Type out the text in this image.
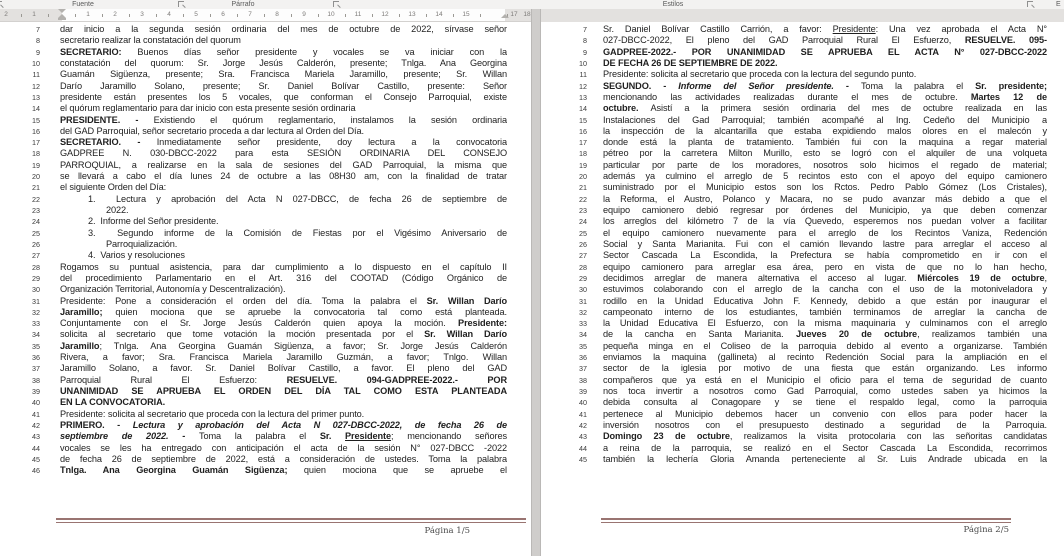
Fuente	Párrafo	Estilos	E
2	1	1	2	3	4	5	6	7	8	9	10	11	12	13	14	15	17 18
7 dar inicio a la segunda sesión ordinaria del mes de octubre de 2022, sírvase señor
8 secretario realizar la constatación del quorum
9 SECRETARIO: Buenos días señor presidente y vocales se va iniciar con la
10 constatación del quorum: Sr. Jorge Jesús Calderón, presente; Tnlga. Ana Georgina
11 Guamán Sigüenza, presente; Sra. Francisca Mariela Jaramillo, presente; Sr. Willan
12 Darío Jaramillo Solano, presente; Sr. Daniel Bolívar Castillo, presente: Señor
13 presidente están presentes los 5 vocales, que conforman el Consejo Parroquial, existe
14 el quórum reglamentario para dar inicio con esta presente sesión ordinaria
15 PRESIDENTE. - Existiendo el quórum reglamentario, instalamos la sesión ordinaria
16 del GAD Parroquial, señor secretario proceda a dar lectura al Orden del Día.
17 SECRETARIO. - Inmediatamente señor presidente, doy lectura a la convocatoria
18 GADPREE N. 030-DBCC-2022 para esta SESIÓN ORDINARIA DEL CONSEJO
19 PARROQUIAL, a realizarse en la sala de sesiones del GAD Parroquial, la misma que
20 se llevará a cabo el día lunes 24 de octubre a las 08H30 am, con la finalidad de tratar
21 el siguiente Orden del Día:
22	1.  Lectura y aprobación del Acta N 027-DBCC, de fecha 26 de septiembre de
23	2022.
24	2.  Informe del Señor presidente.
25	3.  Segundo informe de la Comisión de Fiestas por el Vigésimo Aniversario de
26	Parroquialización.
27	4.  Varios y resoluciones
28 Rogamos su puntual asistencia, para dar cumplimiento a lo dispuesto en el capítulo II
29 del procedimiento Parlamentario en el Art. 316 del COOTAD (Código Orgánico de
30 Organización Territorial, Autonomía y Descentralización).
31 Presidente: Pone a consideración el orden del día. Toma la palabra el Sr. Willan Darío
32 Jaramillo; quien mociona que se apruebe la convocatoria tal como está planteada.
33 Conjuntamente con el Sr. Jorge Jesús Calderón quien apoya la moción. Presidente:
34 solicita al secretario que tome votación la moción presentada por el Sr. Willan Darío
35 Jaramillo; Tnlga. Ana Georgina Guamán Sigüenza, a favor; Sr. Jorge Jesús Calderón
36 Rivera, a favor; Sra. Francisca Mariela Jaramillo Guzmán, a favor; Tnlgo. Willan
37 Jaramillo Solano, a favor. Sr. Daniel Bolívar Castillo, a favor. El pleno del GAD
38 Parroquial Rural El Esfuerzo: RESUELVE. 094-GADPREE-2022.- POR
39 UNANIMIDAD SE APRUEBA EL ORDEN DEL DÍA TAL COMO ESTA PLANTEADA
40 EN LA CONVOCATORIA.
41 Presidente: solicita al secretario que proceda con la lectura del primer punto.
42 PRIMERO. - Lectura y aprobación del Acta N 027-DBCC-2022, de fecha 26 de
43 septiembre de 2022. - Toma la palabra el Sr. Presidente; mencionando señores
44 vocales se les ha entregado con anticipación el acta de la sesión N° 027-DBCC -2022
45 de fecha 26 de septiembre de 2022, está a consideración de ustedes. Toma la palabra
46 Tnlga. Ana Georgina Guamán Sigüenza; quien mociona que se apruebe el
Página 1/5
7 Sr. Daniel Bolívar Castillo Carrión, a favor: Presidente: Una vez aprobada el Acta N°
8 027-DBCC-2022, El pleno del GAD Parroquial Rural El Esfuerzo, RESUELVE. 095-
9 GADPREE-2022.- POR UNANIMIDAD SE APRUEBA EL ACTA N° 027-DBCC-2022
10 DE FECHA 26 DE SEPTIEMBRE DE 2022.
11 Presidente: solicita al secretario que proceda con la lectura del segundo punto.
12 SEGUNDO. - Informe del Señor presidente. - Toma la palabra el Sr. presidente;
13 mencionando las actividades realizadas durante el mes de octubre. Martes 12 de
14 octubre. Asistí a la primera sesión ordinaria del mes de octubre realizada en las
15 Instalaciones del Gad Parroquial; también acompañé al Ing. Cedeño del Municipio a
16 la inspección de la alcantarilla que estaba expidiendo malos olores en el malecón y
17 donde está la planta de tratamiento. También fui con la maquina a regar material
18 pétreo por la carretera Milton Murillo, esto se logró con el alquiler de una volqueta
19 particular por parte de los moradores, nosotros solo hicimos el regado de material;
20 además ya culmino el arreglo de 5 recintos esto con el apoyo del equipo camionero
21 suministrado por el Municipio estos son los Rctos. Pedro Pablo Gómez (Los Cristales),
22 la Reforma, el Austro, Polanco y Macara, no se pudo avanzar más debido a que el
23 equipo camionero debió regresar por órdenes del Municipio, ya que deben comenzar
24 los arreglos del kilómetro 7 de la vía Quevedo, esperemos nos puedan volver a facilitar
25 el equipo camionero nuevamente para el arreglo de los Recintos Vaniza, Redención
26 Social y Santa Marianita. Fui con el camión llevando lastre para arreglar el acceso al
27 Sector Cascada La Escondida, la Prefectura se había comprometido en ir con el
28 equipo camionero para arreglar esa área, pero en vista de que no lo han hecho,
29 decidimos arreglar de manera alternativa el acceso al lugar. Miércoles 19 de octubre,
30 estuvimos colaborando con el arreglo de la cancha con el uso de la motoniveladora y
31 rodillo en la Unidad Educativa John F. Kennedy, debido a que están por inaugurar el
32 campeonato interno de los estudiantes, también terminamos de arreglar la cancha de
33 la Unidad Educativa El Esfuerzo, con la misma maquinaria y culminamos con el arreglo
34 de la cancha en Santa Marianita. Jueves 20 de octubre, realizamos también una
35 pequeña minga en el Coliseo de la parroquia debido al evento a organizarse. También
36 enviamos la maquina (gallineta) al recinto Redención Social para la ampliación en el
37 sector de la iglesia por motivo de una fiesta que están organizando. Les informo
38 compañeros que ya está en el Municipio el oficio para el tema de seguridad de cuanto
39 nos toca invertir a nosotros como Gad Parroquial, como ustedes saben ya hicimos la
40 debida consulta al Conagopare y se tiene el respaldo legal, como la parroquia
41 pertenece al Municipio debemos hacer un convenio con ellos para poder hacer la
42 inversión nosotros con el presupuesto destinado a seguridad de la Parroquia.
43 Domingo 23 de octubre, realizamos la visita protocolaria con las señoritas candidatas
44 a reina de la parroquia, se realizó en el Sector Cascada La Escondida, recorrimos
45 también la lechería Gloria Amanda perteneciente al Sr. Luis Andrade ubicada en la
Página 2/5
